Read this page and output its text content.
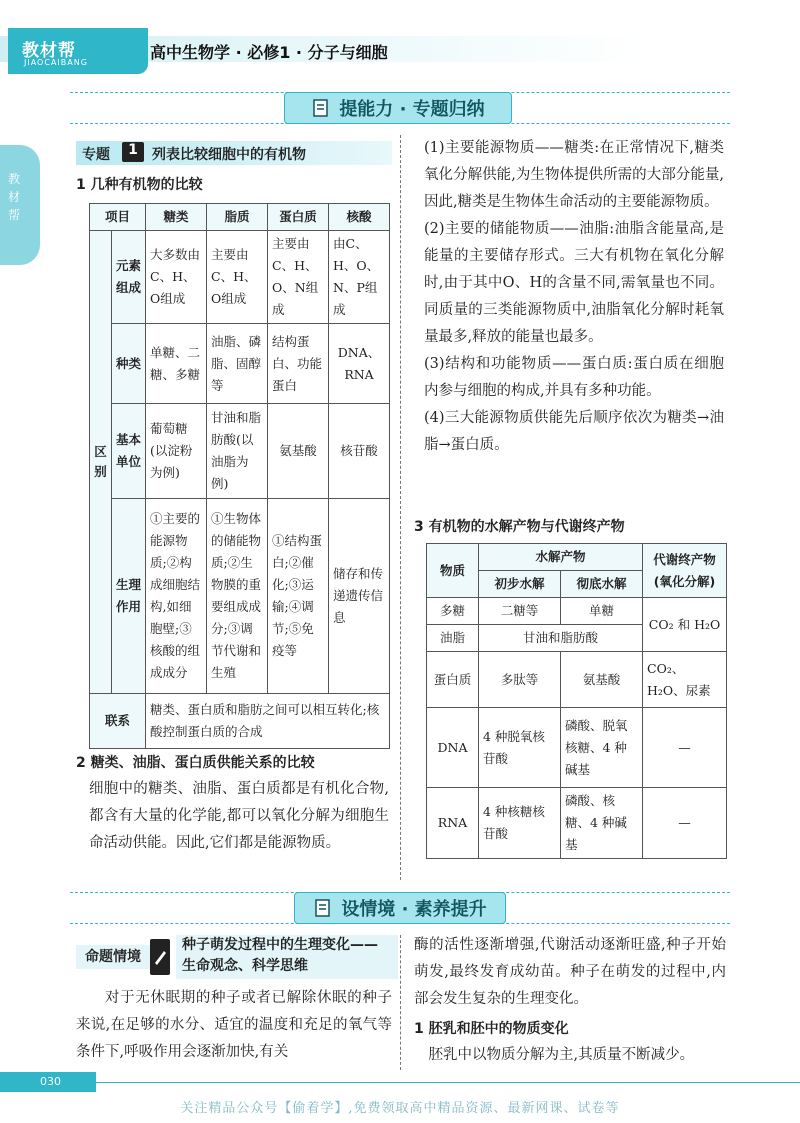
教材帮
JIAOCAIBANG
高中生物学 · 必修1 · 分子与细胞
教材帮
提能力 · 专题归纳
专题	1	列表比较细胞中的有机物
1 几种有机物的比较
项目		糖类	脂质	蛋白质	核酸
区别	元素组成	大多数由C、H、O组成	主要由C、H、O组成	主要由C、H、O、N组成	由C、H、O、N、P组成
	种类	单糖、二糖、多糖	油脂、磷脂、固醇等	结构蛋白、功能蛋白	DNA、RNA
	基本单位	葡萄糖(以淀粉为例)	甘油和脂肪酸(以油脂为例)	氨基酸	核苷酸
	生理作用	①主要的能源物质;②构成细胞结构,如细胞壁;③核酸的组成成分	①生物体的储能物质;②生物膜的重要组成成分;③调节代谢和生殖	①结构蛋白;②催化;③运输;④调节;⑤免疫等	储存和传递遗传信息
联系		糖类、蛋白质和脂肪之间可以相互转化;核酸控制蛋白质的合成			
2 糖类、油脂、蛋白质供能关系的比较
细胞中的糖类、油脂、蛋白质都是有机化合物,都含有大量的化学能,都可以氧化分解为细胞生命活动供能。因此,它们都是能源物质。
(1)主要能源物质——糖类:在正常情况下,糖类氧化分解供能,为生物体提供所需的大部分能量,因此,糖类是生物体生命活动的主要能源物质。
(2)主要的储能物质——油脂:油脂含能量高,是能量的主要储存形式。三大有机物在氧化分解时,由于其中O、H的含量不同,需氧量也不同。同质量的三类能源物质中,油脂氧化分解时耗氧量最多,释放的能量也最多。
(3)结构和功能物质——蛋白质:蛋白质在细胞内参与细胞的构成,并具有多种功能。
(4)三大能源物质供能先后顺序依次为糖类→油脂→蛋白质。
3 有机物的水解产物与代谢终产物
物质	水解产物		代谢终产物
(氧化分解)
	初步水解	彻底水解	
多糖	二糖等	单糖	CO₂ 和 H₂O
油脂	甘油和脂肪酸		
蛋白质	多肽等	氨基酸	CO₂、H₂O、尿素
DNA	4 种脱氧核苷酸	磷酸、脱氧核糖、4 种碱基	—
RNA	4 种核糖核苷酸	磷酸、核糖、4 种碱基	—
设情境 · 素养提升
命题情境
种子萌发过程中的生理变化——
生命观念、科学思维
对于无休眠期的种子或者已解除休眠的种子来说,在足够的水分、适宜的温度和充足的氧气等条件下,呼吸作用会逐渐加快,有关
酶的活性逐渐增强,代谢活动逐渐旺盛,种子开始萌发,最终发育成幼苗。种子在萌发的过程中,内部会发生复杂的生理变化。
1 胚乳和胚中的物质变化
胚乳中以物质分解为主,其质量不断减少。
030
关注精品公众号【偷着学】,免费领取高中精品资源、最新网课、试卷等
